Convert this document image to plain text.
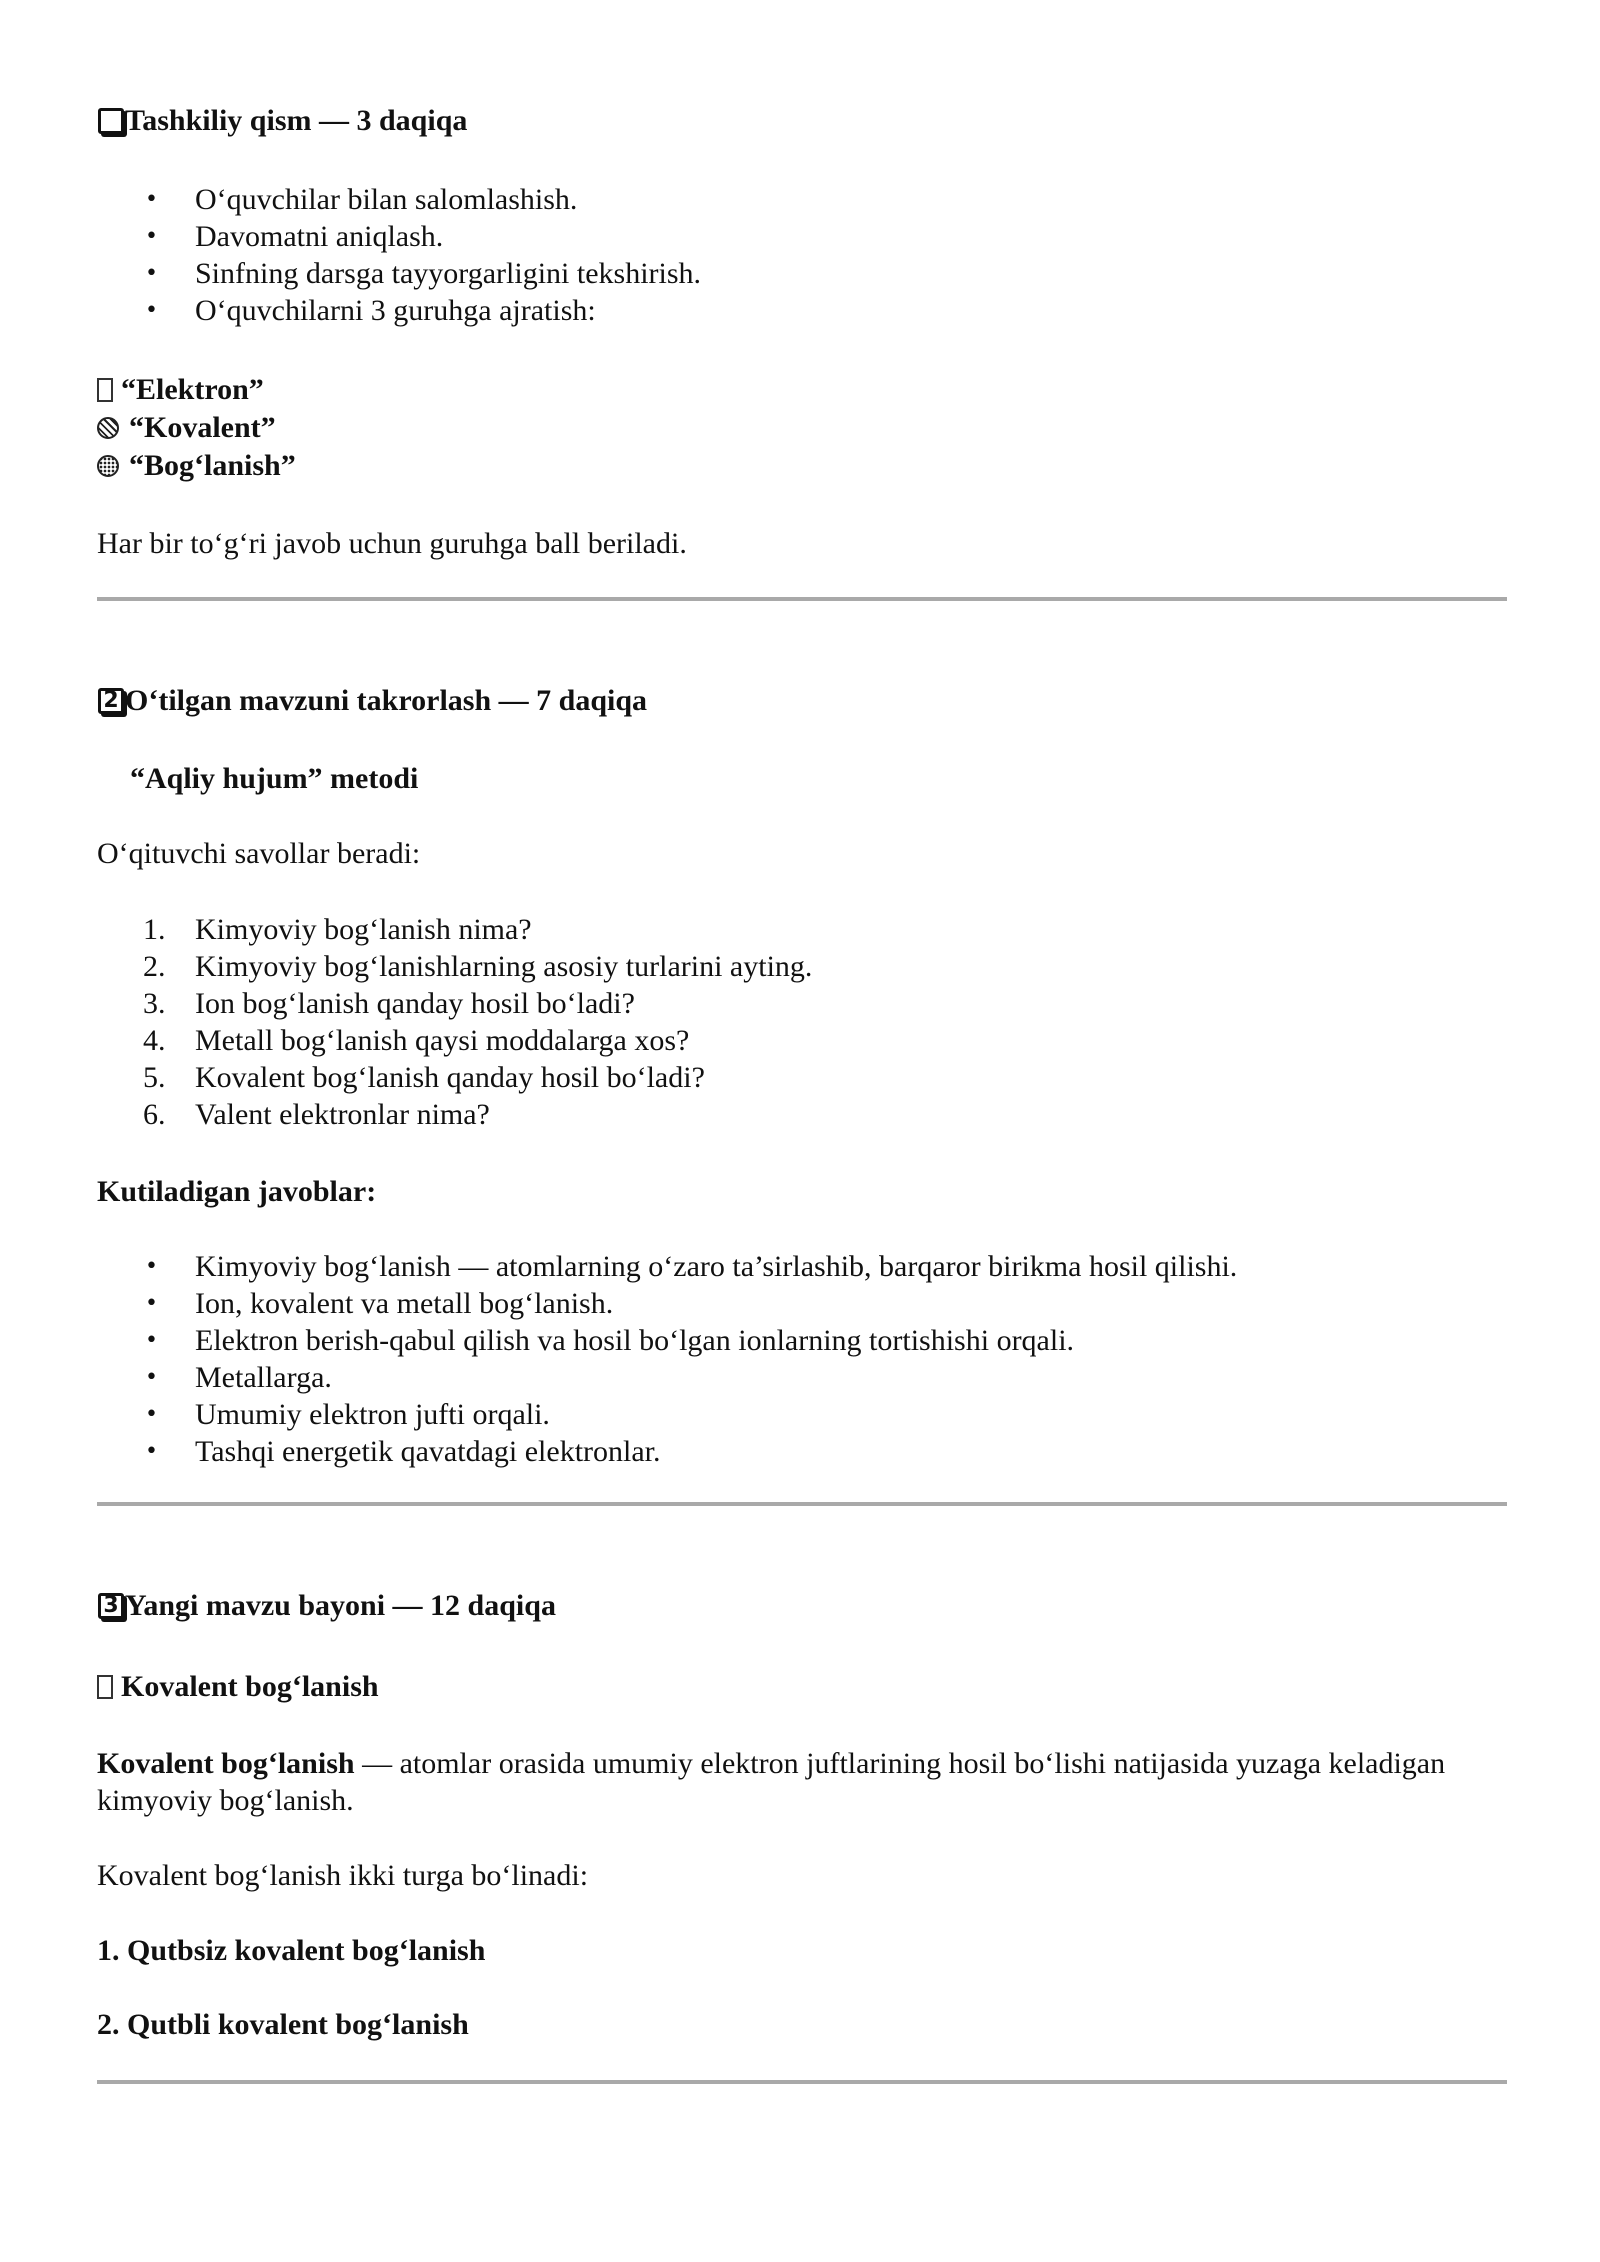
Tashkiliy qism — 3 daqiqa
• O‘quvchilar bilan salomlashish.
• Davomatni aniqlash.
• Sinfning darsga tayyorgarligini tekshirish.
• O‘quvchilarni 3 guruhga ajratish:
“Elektron”
“Kovalent”
“Bog‘lanish”
Har bir to‘g‘ri javob uchun guruhga ball beriladi.
2 O‘tilgan mavzuni takrorlash — 7 daqiqa
“Aqliy hujum” metodi
O‘qituvchi savollar beradi:
1. Kimyoviy bog‘lanish nima?
2. Kimyoviy bog‘lanishlarning asosiy turlarini ayting.
3. Ion bog‘lanish qanday hosil bo‘ladi?
4. Metall bog‘lanish qaysi moddalarga xos?
5. Kovalent bog‘lanish qanday hosil bo‘ladi?
6. Valent elektronlar nima?
Kutiladigan javoblar:
• Kimyoviy bog‘lanish — atomlarning o‘zaro ta’sirlashib, barqaror birikma hosil qilishi.
• Ion, kovalent va metall bog‘lanish.
• Elektron berish-qabul qilish va hosil bo‘lgan ionlarning tortishishi orqali.
• Metallarga.
• Umumiy elektron jufti orqali.
• Tashqi energetik qavatdagi elektronlar.
3 Yangi mavzu bayoni — 12 daqiqa
Kovalent bog‘lanish
Kovalent bog‘lanish — atomlar orasida umumiy elektron juftlarining hosil bo‘lishi natijasida yuzaga keladigan kimyoviy bog‘lanish.
Kovalent bog‘lanish ikki turga bo‘linadi:
1. Qutbsiz kovalent bog‘lanish
2. Qutbli kovalent bog‘lanish
